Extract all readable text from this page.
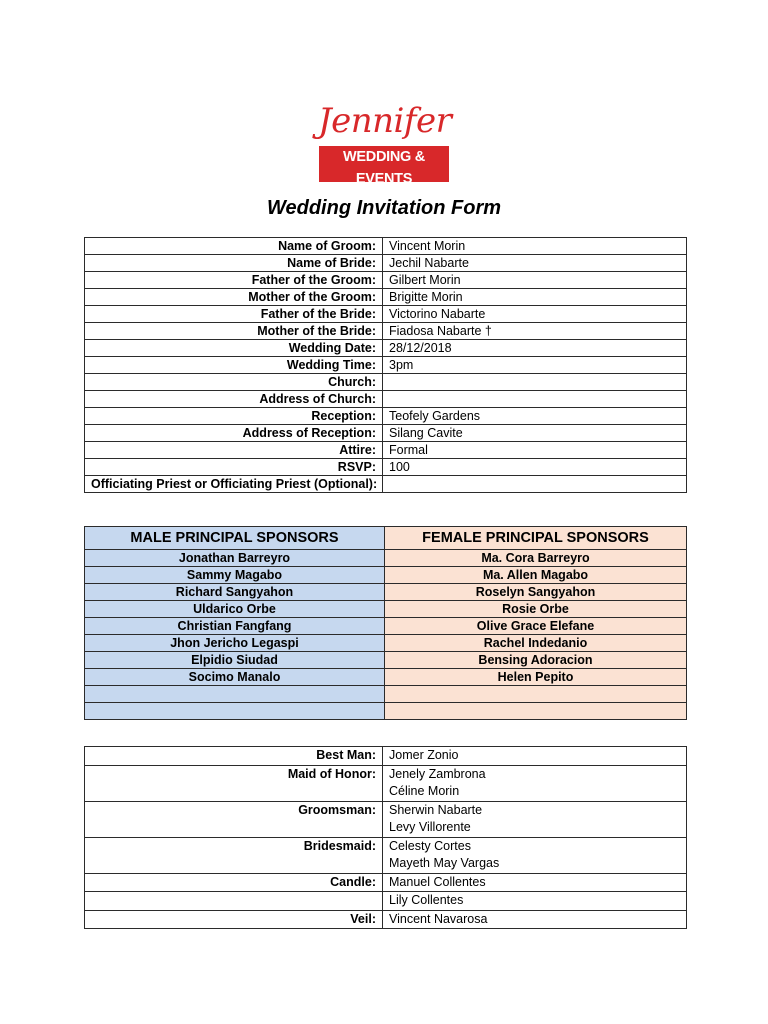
Jennifer
WEDDING & EVENTS
ONE STOP WEDDING SHOP
Wedding Invitation Form
Name of Groom:	Vincent Morin
Name of Bride:	Jechil Nabarte
Father of the Groom:	Gilbert Morin
Mother of the Groom:	Brigitte Morin
Father of the Bride:	Victorino Nabarte
Mother of the Bride:	Fiadosa Nabarte †
Wedding Date:	28/12/2018
Wedding Time:	3pm
Church:	
Address of Church:	
Reception:	Teofely Gardens
Address of Reception:	Silang Cavite
Attire:	Formal
RSVP:	100
Officiating Priest or Officiating Priest (Optional):	
MALE PRINCIPAL SPONSORS	FEMALE PRINCIPAL SPONSORS
Jonathan Barreyro	Ma. Cora Barreyro
Sammy Magabo	Ma. Allen Magabo
Richard Sangyahon	Roselyn Sangyahon
Uldarico Orbe	Rosie Orbe
Christian Fangfang	Olive Grace Elefane
Jhon Jericho Legaspi	Rachel Indedanio
Elpidio Siudad	Bensing Adoracion
Socimo Manalo	Helen Pepito

Best Man:	Jomer Zonio

Maid of Honor:	Jenely Zambrona
Céline Morin

Groomsman:	Sherwin Nabarte
Levy Villorente

Bridesmaid:	Celesty Cortes
Mayeth May Vargas

Candle:	Manuel Collentes

	Lily Collentes

Veil:	Vincent Navarosa
